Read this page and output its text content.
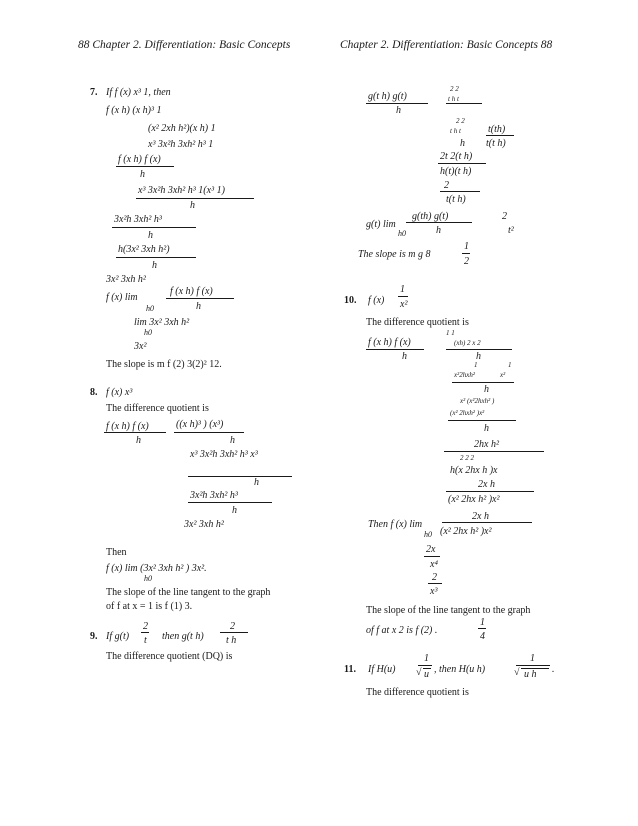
88 Chapter 2. Differentiation: Basic Concepts	Chapter 2. Differentiation: Basic Concepts 88
7. If f (x) x³ 1, then
f (x h) (x h)³ 1
(x² 2xh h²)(x h) 1
x³ 3x²h 3xh² h³ 1
f (x h) f (x)
h
x³ 3x²h 3xh² h³ 1(x³ 1)
h
3x²h 3xh² h³
h
h(3x² 3xh h²)
h
3x² 3xh h²
f (x) lim
f (x h) f (x)
h0	h
lim 3x² 3xh h²
h0
3x²
The slope is m f (2) 3(2)² 12.
8. f (x) x³
The difference quotient is
f (x h) f (x)	((x h)³ ) (x³)
h	h
x³ 3x²h 3xh² h³ x³
h
3x²h 3xh² h³
h
3x² 3xh h²
Then
f (x) lim (3x² 3xh h² ) 3x².
h0
The slope of the line tangent to the graph
of f at x = 1 is f (1) 3.
9. If g(t)
2
t then g(t h)
2
t h
The difference quotient (DQ) is
2 2
t h t
g(t h) g(t)
h
2 2
t h t	t(th)
h t(t h)
2t 2(t h)
h(t)(t h)
2
t(t h)
g(t) lim
g(th) g(t)	2
h0	h	t²
The slope is m g 8
1
2
10. f (x)
1
x²
The difference quotient is
1 1
(xh) 2 x 2
f (x h) f (x)
h	h
1	1
x²2hxh²	x²
h
x² (x²2hxh² )
(x² 2hxh² )x²
h
2hx h²
2 2 2
h(x 2hx h )x
2x h
(x² 2hx h² )x²
Then f (x) lim
2x h
h0 (x² 2hx h² )x²
2x
x⁴
2
x³
The slope of the line tangent to the graph
of f at x 2 is f (2) .
1
4
11. If H(u)
1
√ u , then H(u h)
1
√ u h .
The difference quotient is
